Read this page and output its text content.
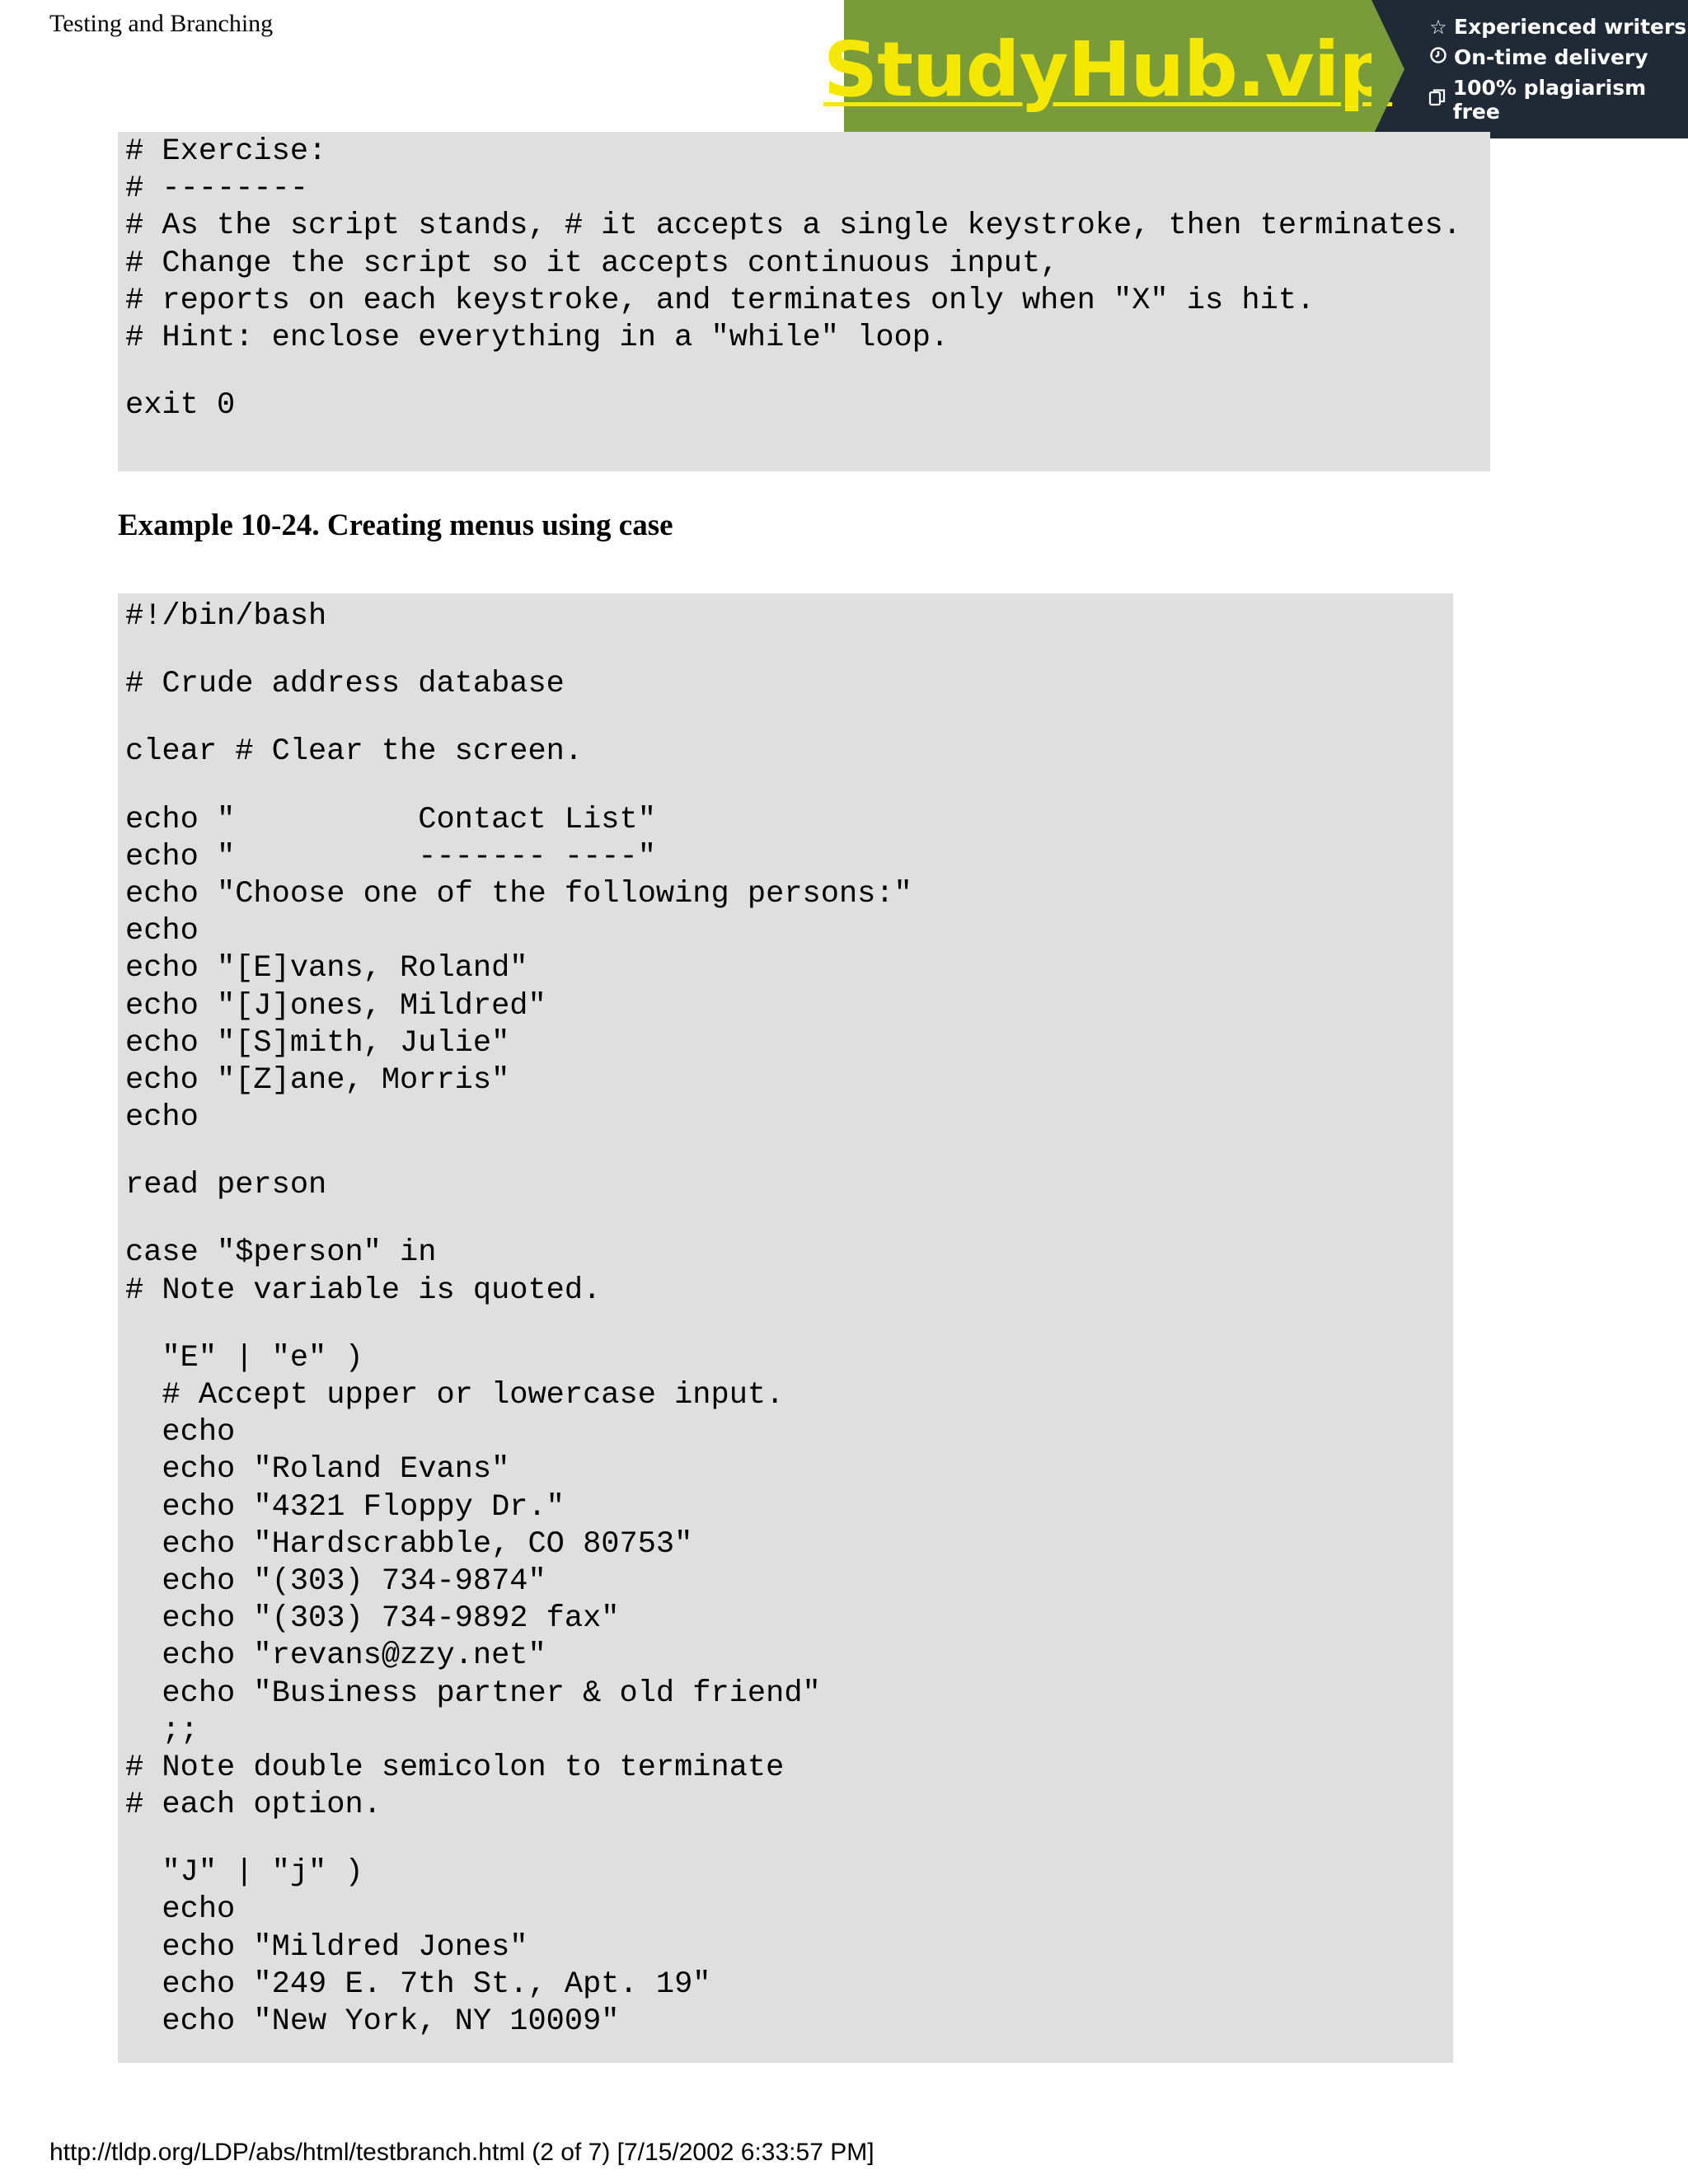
Testing and Branching
StudyHub.vip ☆ Experienced writers
On-time delivery
100% plagiarism free
# Exercise:
# --------
# As the script stands, # it accepts a single keystroke, then terminates.
# Change the script so it accepts continuous input,
# reports on each keystroke, and terminates only when "X" is hit.
# Hint: enclose everything in a "while" loop.
exit 0
Example 10-24. Creating menus using case
#!/bin/bash
# Crude address database
clear # Clear the screen.
echo "          Contact List"
echo "          ------- ----"
echo "Choose one of the following persons:"
echo
echo "[E]vans, Roland"
echo "[J]ones, Mildred"
echo "[S]mith, Julie"
echo "[Z]ane, Morris"
echo
read person
case "$person" in
# Note variable is quoted.
"E" | "e" )
# Accept upper or lowercase input.
echo
echo "Roland Evans"
echo "4321 Floppy Dr."
echo "Hardscrabble, CO 80753"
echo "(303) 734-9874"
echo "(303) 734-9892 fax"
echo "revans@zzy.net"
echo "Business partner & old friend"
;;
# Note double semicolon to terminate
# each option.
"J" | "j" )
echo
echo "Mildred Jones"
echo "249 E. 7th St., Apt. 19"
echo "New York, NY 10009"
http://tldp.org/LDP/abs/html/testbranch.html (2 of 7) [7/15/2002 6:33:57 PM]
